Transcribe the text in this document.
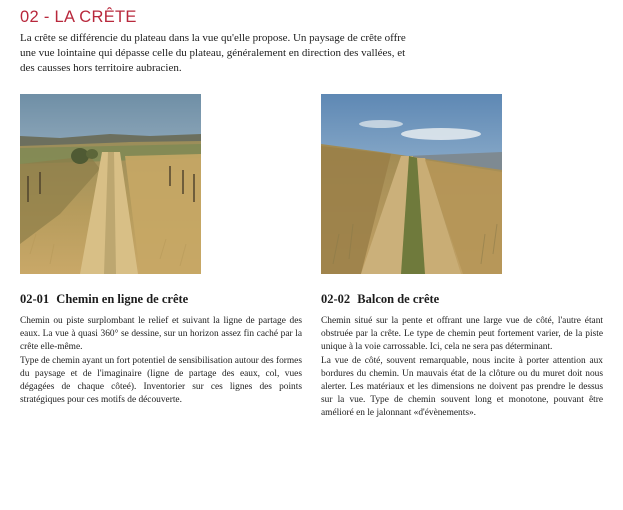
02 - LA CRÊTE

La crête se différencie du plateau dans la vue qu'elle propose. Un paysage de crête offre une vue lointaine qui dépasse celle du plateau, généralement en direction des vallées, et des causses hors territoire aubracien.

02-01 Chemin en ligne de crête

Chemin ou piste surplombant le relief et suivant la ligne de partage des eaux. La vue à quasi 360° se dessine, sur un horizon assez fin caché par la crête elle-même.

Type de chemin ayant un fort potentiel de sensibilisation autour des formes du paysage et de l'imaginaire (ligne de partage des eaux, col, vues dégagées de chaque côteé). Inventorier sur ces lignes des points stratégiques pour ces motifs de découverte.

02-02 Balcon de crête

Chemin situé sur la pente et offrant une large vue de côté, l'autre étant obstruée par la crête. Le type de chemin peut fortement varier, de la piste unique à la voie carrossable. Ici, cela ne sera pas déterminant.

La vue de côté, souvent remarquable, nous incite à porter attention aux bordures du chemin. Un mauvais état de la clôture ou du muret doit nous alerter. Les matériaux et les dimensions ne doivent pas prendre le dessus sur la vue. Type de chemin souvent long et monotone, pouvant être amélioré en le jalonnant «d'évènements».
